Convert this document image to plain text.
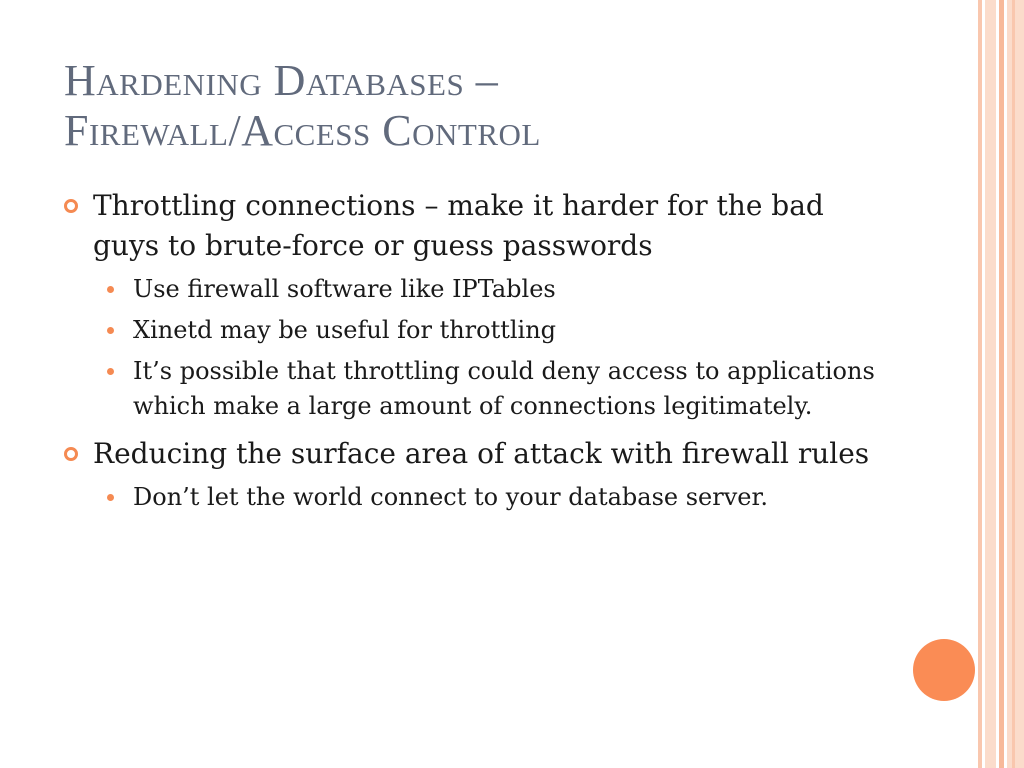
Hardening Databases –
Firewall/Access Control
Throttling connections – make it harder for the bad guys to brute-force or guess passwords
Use firewall software like IPTables
Xinetd may be useful for throttling
It’s possible that throttling could deny access to applications which make a large amount of connections legitimately.
Reducing the surface area of attack with firewall rules
Don’t let the world connect to your database server.
